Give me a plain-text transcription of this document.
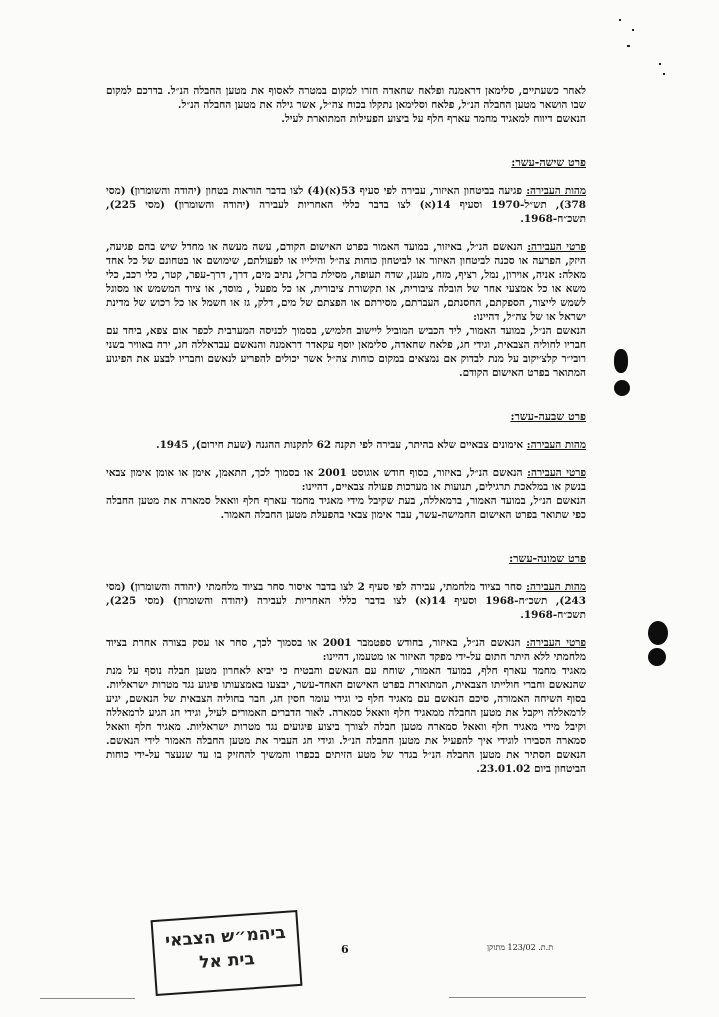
לאחר כשעתיים, סלימאן דראמנה ופלאח שחאדה חזרו למקום במטרה לאסוף את מטען החבלה הנ״ל. בדרכם למקום שבו הושאר מטען החבלה הנ״ל, פלאח וסלימאן נתקלו בכוח צה״ל, אשר גילה את מטען החבלה הנ״ל.

הנאשם דיווח למאגיד מחמד עארף חלף על ביצוע הפעילות המתוארת לעיל.

פרט שישה-עשר:

מהות העבירה: פגיעה בביטחון האיזור, עבירה לפי סעיף 53(א)(4) לצו בדבר הוראות בטחון (יהודה והשומרון) (מסי 378), תש״ל-1970 וסעיף 14(א) לצו בדבר כללי האחריות לעבירה (יהודה והשומרון) (מסי 225), תשכ״ח-1968.

פרטי העבירה: הנאשם הנ״ל, באיזור, במועד האמור בפרט האישום הקודם, עשה מעשה או מחדל שיש בהם פגיעה, היזק, הפרעה או סכנה לביטחון האיזור או לביטחון כוחות צה״ל והילייו או לפעולתם, שימושם או בטחונם של כל אחד מאלה: אניה, אוירון, נמל, רציף, מזח, מעגן, שדה תעופה, מסילת ברזל, נתיב מים, דרך, דרך-עפר, קטר, כלי רכב, כלי משא או כל אמצעי אחר של הובלה ציבורית, או תקשורת ציבורית, או כל מפעל , מוסד, או ציוד המשמש או מסוגל לשמש לייצור, הספקתם, החסנתם, העברתם, מסירתם או הפצתם של מים, דלק, גז או חשמל או כל רכוש של מדינת ישראל או של צה״ל, דהיינו:

הנאשם הנ״ל, במועד האמור, ליד הכביש המוביל ליישוב חלמיש, בסמוך לכניסה המערבית לכפר אום צפא, ביחד עם חבריו לחוליה הצבאית, וגידי חג, פלאח שחאדה, סלימאן יוסף עקאדר דראמנה והנאשם עבדאללה חג, ירה באוויר בשני רובי״ר קלצ׳יקוב על מנת לבדוק אם נמצאים במקום כוחות צה״ל אשר יכולים להפריע לנאשם וחבריו לבצע את הפיגוע המתואר בפרט האישום הקודם.

פרט שבעה-עשר:

מהות העבירה: אימונים צבאיים שלא בהיתר, עבירה לפי תקנה 62 לתקנות ההגנה (שעת חירום), 1945.

פרטי העבירה: הנאשם הנ״ל, באיזור, בסוף חודש אוגוסט 2001 או בסמוך לכך, התאמן, אימן או אומן אימון צבאי בנשק או במלאכת תרגילים, תנועות או מערכות פעולה צבאיים, דהיינו:

הנאשם הנ״ל, במועד האמור, ברמאללה, בעת שקיבל מידי מאגיד מחמד עארף חלף וואאל סמארה את מטען החבלה כפי שתואר בפרט האישום החמישה-עשר, עבר אימון צבאי בהפעלת מטען החבלה האמור.

פרט שמונה-עשר:

מהות העבירה: סחר בציוד מלחמתי, עבירה לפי סעיף 2 לצו בדבר איסור סחר בציוד מלחמתי (יהודה והשומרון) (מסי 243), תשכ״ח-1968 וסעיף 14(א) לצו בדבר כללי האחריות לעבירה (יהודה והשומרון) (מסי 225), תשכ״ח-1968.

פרטי העבירה: הנאשם הנ״ל, באיזור, בחודש ספטמבר 2001 או בסמוך לכך, סחר או עסק בצורה אחרת בציוד מלחמתי ללא היתר חתום על-ידי מפקד האיזור או מטעמו, דהיינו:

מאגיד מחמד עארף חלף, במועד האמור, שוחח עם הנאשם והבטיח כי יביא לאחרון מטען חבלה נוסף על מנת שהנאשם וחברי חולייתו הצבאית, המתוארת בפרט האישום האחד-עשר, יבצעו באמצעותו פיגוע נגד מטרות ישראליות. בסוף השיחה האמורה, סיכם הנאשם עם מאגיד חלף כי וגידי עומר חסין חג, חבר בחוליה הצבאית של הנאשם, יגיע לרמאללה ויקבל את מטען החבלה ממאגיד חלף וואאל סמארה. לאור הדברים האמורים לעיל, וגידי חג הגיע לרמאללה וקיבל מידי מאגיד חלף וואאל סמארה מטען חבלה לצורך ביצוע פיגועים נגד מטרות ישראליות. מאגיד חלף וואאל סמארה הסבירו לוגידי איך להפעיל את מטען החבלה הנ״ל. וגידי חג העביר את מטען החבלה האמור לידי הנאשם. הנאשם הסתיר את מטען החבלה הנ״ל בגדר של מטע הזיתים בכפרו והמשיך להחזיק בו עד שנעצר על-ידי כוחות הביטחון ביום 23.01.02.

ביהמ״ש הצבאי
בית אל	6	ת.ת. 123/02 מתוקן
